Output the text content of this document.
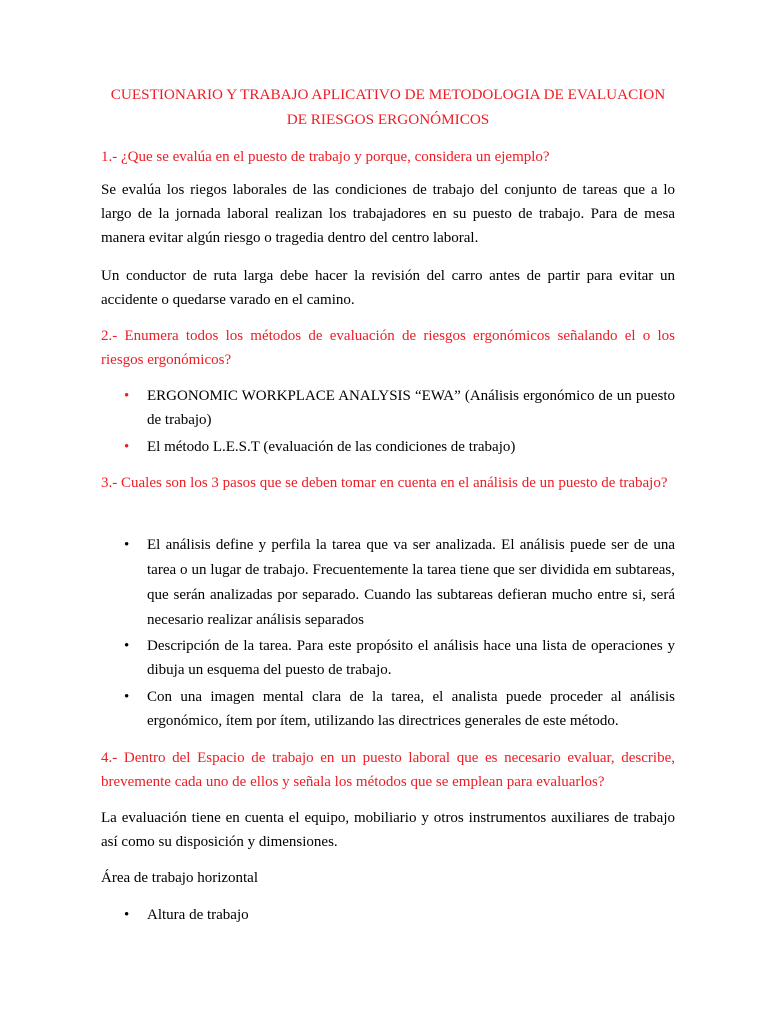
CUESTIONARIO Y TRABAJO APLICATIVO DE METODOLOGIA DE EVALUACION
DE RIESGOS ERGONÓMICOS
1.- ¿Que se evalúa en el puesto de trabajo y porque, considera un ejemplo?
Se evalúa los riegos laborales de las condiciones de trabajo del conjunto de tareas que a lo largo de la jornada laboral realizan los trabajadores en su puesto de trabajo. Para de mesa manera evitar algún riesgo o tragedia dentro del centro laboral.
Un conductor de ruta larga debe hacer la revisión del carro antes de partir para evitar un accidente o quedarse varado en el camino.
2.- Enumera todos los métodos de evaluación de riesgos ergonómicos señalando el o los riesgos ergonómicos?
•	ERGONOMIC WORKPLACE ANALYSIS “EWA” (Análisis ergonómico de un puesto de trabajo)
•	El método L.E.S.T (evaluación de las condiciones de trabajo)
3.- Cuales son los 3 pasos que se deben tomar en cuenta en el análisis de un puesto de trabajo?
•	El análisis define y perfila la tarea que va ser analizada. El análisis puede ser de una tarea o un lugar de trabajo. Frecuentemente la tarea tiene que ser dividida em subtareas, que serán analizadas por separado. Cuando las subtareas defieran mucho entre si, será necesario realizar análisis separados
•	Descripción de la tarea. Para este propósito el análisis hace una lista de operaciones y dibuja un esquema del puesto de trabajo.
•	Con una imagen mental clara de la tarea, el analista puede proceder al análisis ergonómico, ítem por ítem, utilizando las directrices generales de este método.
4.- Dentro del Espacio de trabajo en un puesto laboral que es necesario evaluar, describe, brevemente cada uno de ellos y señala los métodos que se emplean para evaluarlos?
La evaluación tiene en cuenta el equipo, mobiliario y otros instrumentos auxiliares de trabajo así como su disposición y dimensiones.
Área de trabajo horizontal
•	Altura de trabajo
